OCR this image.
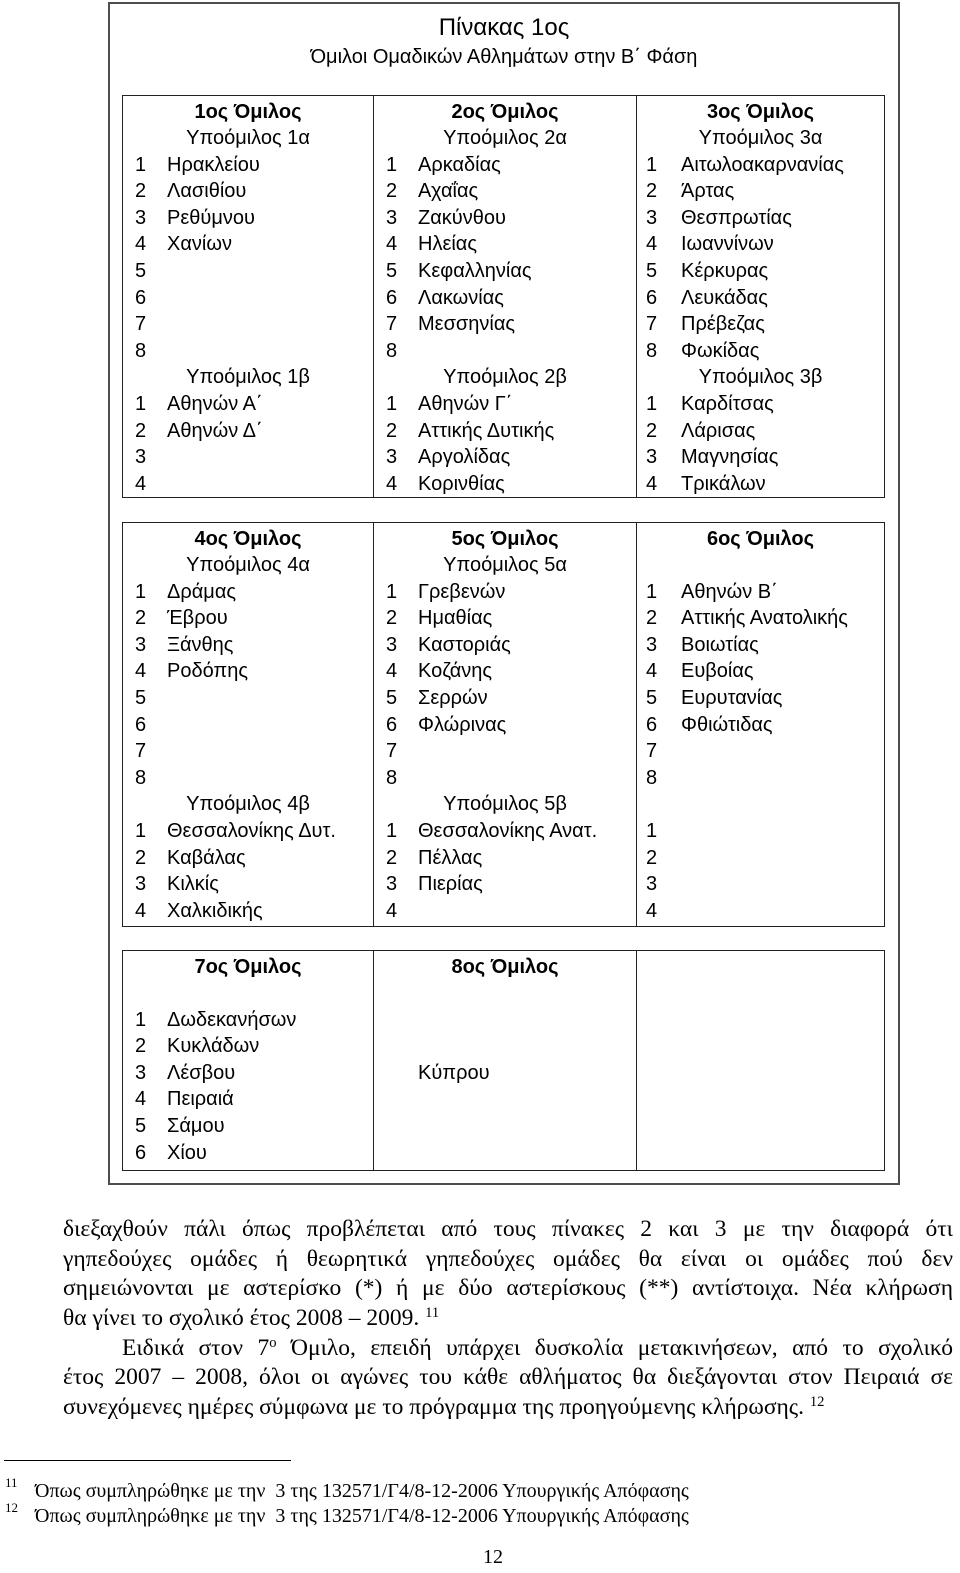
Πίνακας 1ος
Όμιλοι Ομαδικών Αθλημάτων στην Β΄ Φάση
1ος Όμιλος
Υποόμιλος 1α
1 Ηρακλείου
2 Λασιθίου
3 Ρεθύμνου
4 Χανίων
5
6
7
8
Υποόμιλος 1β
1 Αθηνών Α΄
2 Αθηνών Δ΄
3
4
2ος Όμιλος
Υποόμιλος 2α
1 Αρκαδίας
2 Αχαΐας
3 Ζακύνθου
4 Ηλείας
5 Κεφαλληνίας
6 Λακωνίας
7 Μεσσηνίας
8
Υποόμιλος 2β
1 Αθηνών Γ΄
2 Αττικής Δυτικής
3 Αργολίδας
4 Κορινθίας
3ος Όμιλος
Υποόμιλος 3α
1 Αιτωλοακαρνανίας
2 Άρτας
3 Θεσπρωτίας
4 Ιωαννίνων
5 Κέρκυρας
6 Λευκάδας
7 Πρέβεζας
8 Φωκίδας
Υποόμιλος 3β
1 Καρδίτσας
2 Λάρισας
3 Μαγνησίας
4 Τρικάλων
4ος Όμιλος
Υποόμιλος 4α
1 Δράμας
2 Έβρου
3 Ξάνθης
4 Ροδόπης
5
6
7
8
Υποόμιλος 4β
1 Θεσσαλονίκης Δυτ.
2 Καβάλας
3 Κιλκίς
4 Χαλκιδικής
5ος Όμιλος
Υποόμιλος 5α
1 Γρεβενών
2 Ημαθίας
3 Καστοριάς
4 Κοζάνης
5 Σερρών
6 Φλώρινας
7
8
Υποόμιλος 5β
1 Θεσσαλονίκης Ανατ.
2 Πέλλας
3 Πιερίας
4
6ος Όμιλος
1 Αθηνών Β΄
2 Αττικής Ανατολικής
3 Βοιωτίας
4 Ευβοίας
5 Ευρυτανίας
6 Φθιώτιδας
7
8
1
2
3
4
7ος Όμιλος
1 Δωδεκανήσων
2 Κυκλάδων
3 Λέσβου
4 Πειραιά
5 Σάμου
6 Χίου
8ος Όμιλος
Κύπρου
διεξαχθούν πάλι όπως προβλέπεται από τους πίνακες 2 και 3 με την διαφορά ότι
γηπεδούχες ομάδες ή θεωρητικά γηπεδούχες ομάδες θα είναι οι ομάδες πού δεν
σημειώνονται με αστερίσκο (*) ή με δύο αστερίσκους (**) αντίστοιχα. Νέα κλήρωση
θα γίνει το σχολικό έτος 2008 – 2009. $^{11}$
Ειδικά στον $7^o$ Όμιλο, επειδή υπάρχει δυσκολία μετακινήσεων, από το σχολικό
έτος 2007 – 2008, όλοι οι αγώνες του κάθε αθλήματος θα διεξάγονται στον Πειραιά σε
συνεχόμενες ημέρες σύμφωνα με το πρόγραμμα της προηγούμενης κλήρωσης. $^{12}$
11 Όπως συμπληρώθηκε με την  3 της 132571/Γ4/8-12-2006 Υπουργικής Απόφασης
12 Όπως συμπληρώθηκε με την  3 της 132571/Γ4/8-12-2006 Υπουργικής Απόφασης
12
